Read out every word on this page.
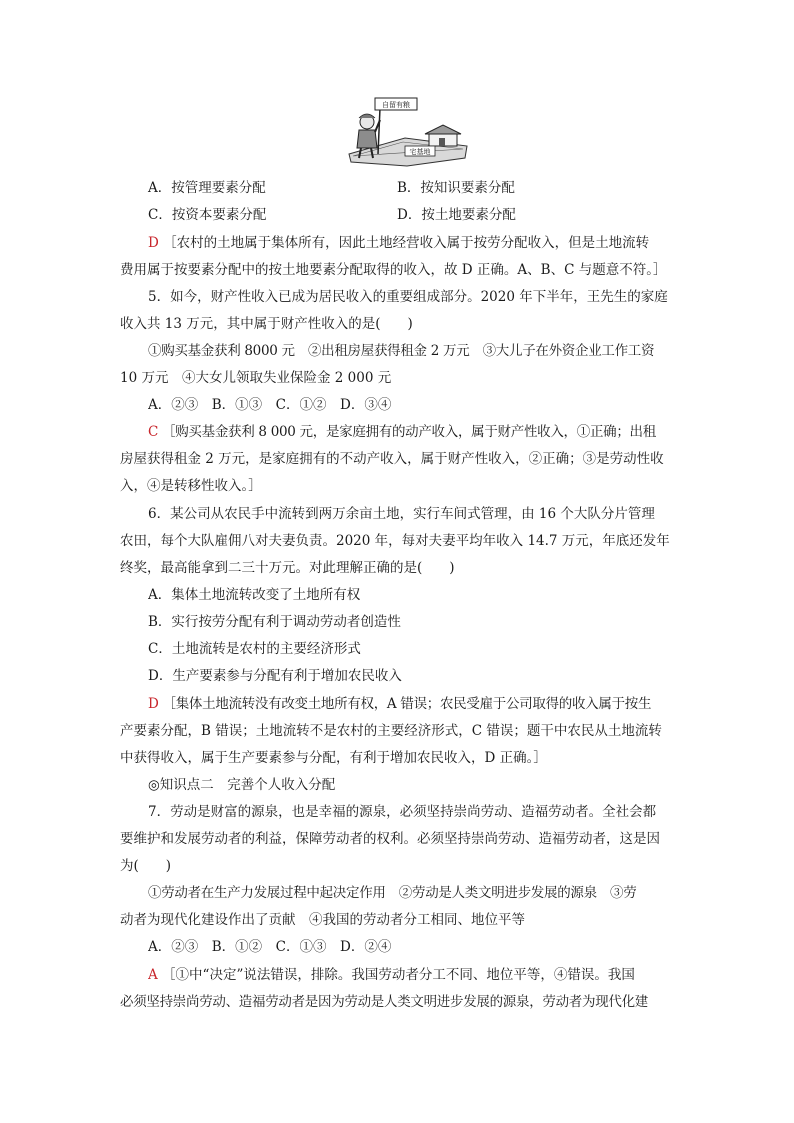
宅基地
自留有粮
A．按管理要素分配	B．按知识要素分配
C．按资本要素分配	D．按土地要素分配
D ［农村的土地属于集体所有，因此土地经营收入属于按劳分配收入，但是土地流转
费用属于按要素分配中的按土地要素分配取得的收入，故 D 正确。A、B、C 与题意不符。］
5．如今，财产性收入已成为居民收入的重要组成部分。2020 年下半年，王先生的家庭
收入共 13 万元，其中属于财产性收入的是(　　)
①购买基金获利 8000 元　②出租房屋获得租金 2 万元　③大儿子在外资企业工作工资
10 万元　④大女儿领取失业保险金 2 000 元
A．②③　B．①③　C．①②　D．③④
C ［购买基金获利 8 000 元，是家庭拥有的动产收入，属于财产性收入，①正确；出租
房屋获得租金 2 万元，是家庭拥有的不动产收入，属于财产性收入，②正确；③是劳动性收
入，④是转移性收入。］
6．某公司从农民手中流转到两万余亩土地，实行车间式管理，由 16 个大队分片管理
农田，每个大队雇佣八对夫妻负责。2020 年，每对夫妻平均年收入 14.7 万元，年底还发年
终奖，最高能拿到二三十万元。对此理解正确的是(　　)
A．集体土地流转改变了土地所有权
B．实行按劳分配有利于调动劳动者创造性
C．土地流转是农村的主要经济形式
D．生产要素参与分配有利于增加农民收入
D ［集体土地流转没有改变土地所有权，A 错误；农民受雇于公司取得的收入属于按生
产要素分配，B 错误；土地流转不是农村的主要经济形式，C 错误；题干中农民从土地流转
中获得收入，属于生产要素参与分配，有利于增加农民收入，D 正确。］
◎知识点二　完善个人收入分配
7．劳动是财富的源泉，也是幸福的源泉，必须坚持崇尚劳动、造福劳动者。全社会都
要维护和发展劳动者的利益，保障劳动者的权利。必须坚持崇尚劳动、造福劳动者，这是因
为(　　)
①劳动者在生产力发展过程中起决定作用　②劳动是人类文明进步发展的源泉　③劳
动者为现代化建设作出了贡献　④我国的劳动者分工相同、地位平等
A．②③　B．①②　C．①③　D．②④
A ［①中“决定”说法错误，排除。我国劳动者分工不同、地位平等，④错误。我国
必须坚持崇尚劳动、造福劳动者是因为劳动是人类文明进步发展的源泉，劳动者为现代化建
